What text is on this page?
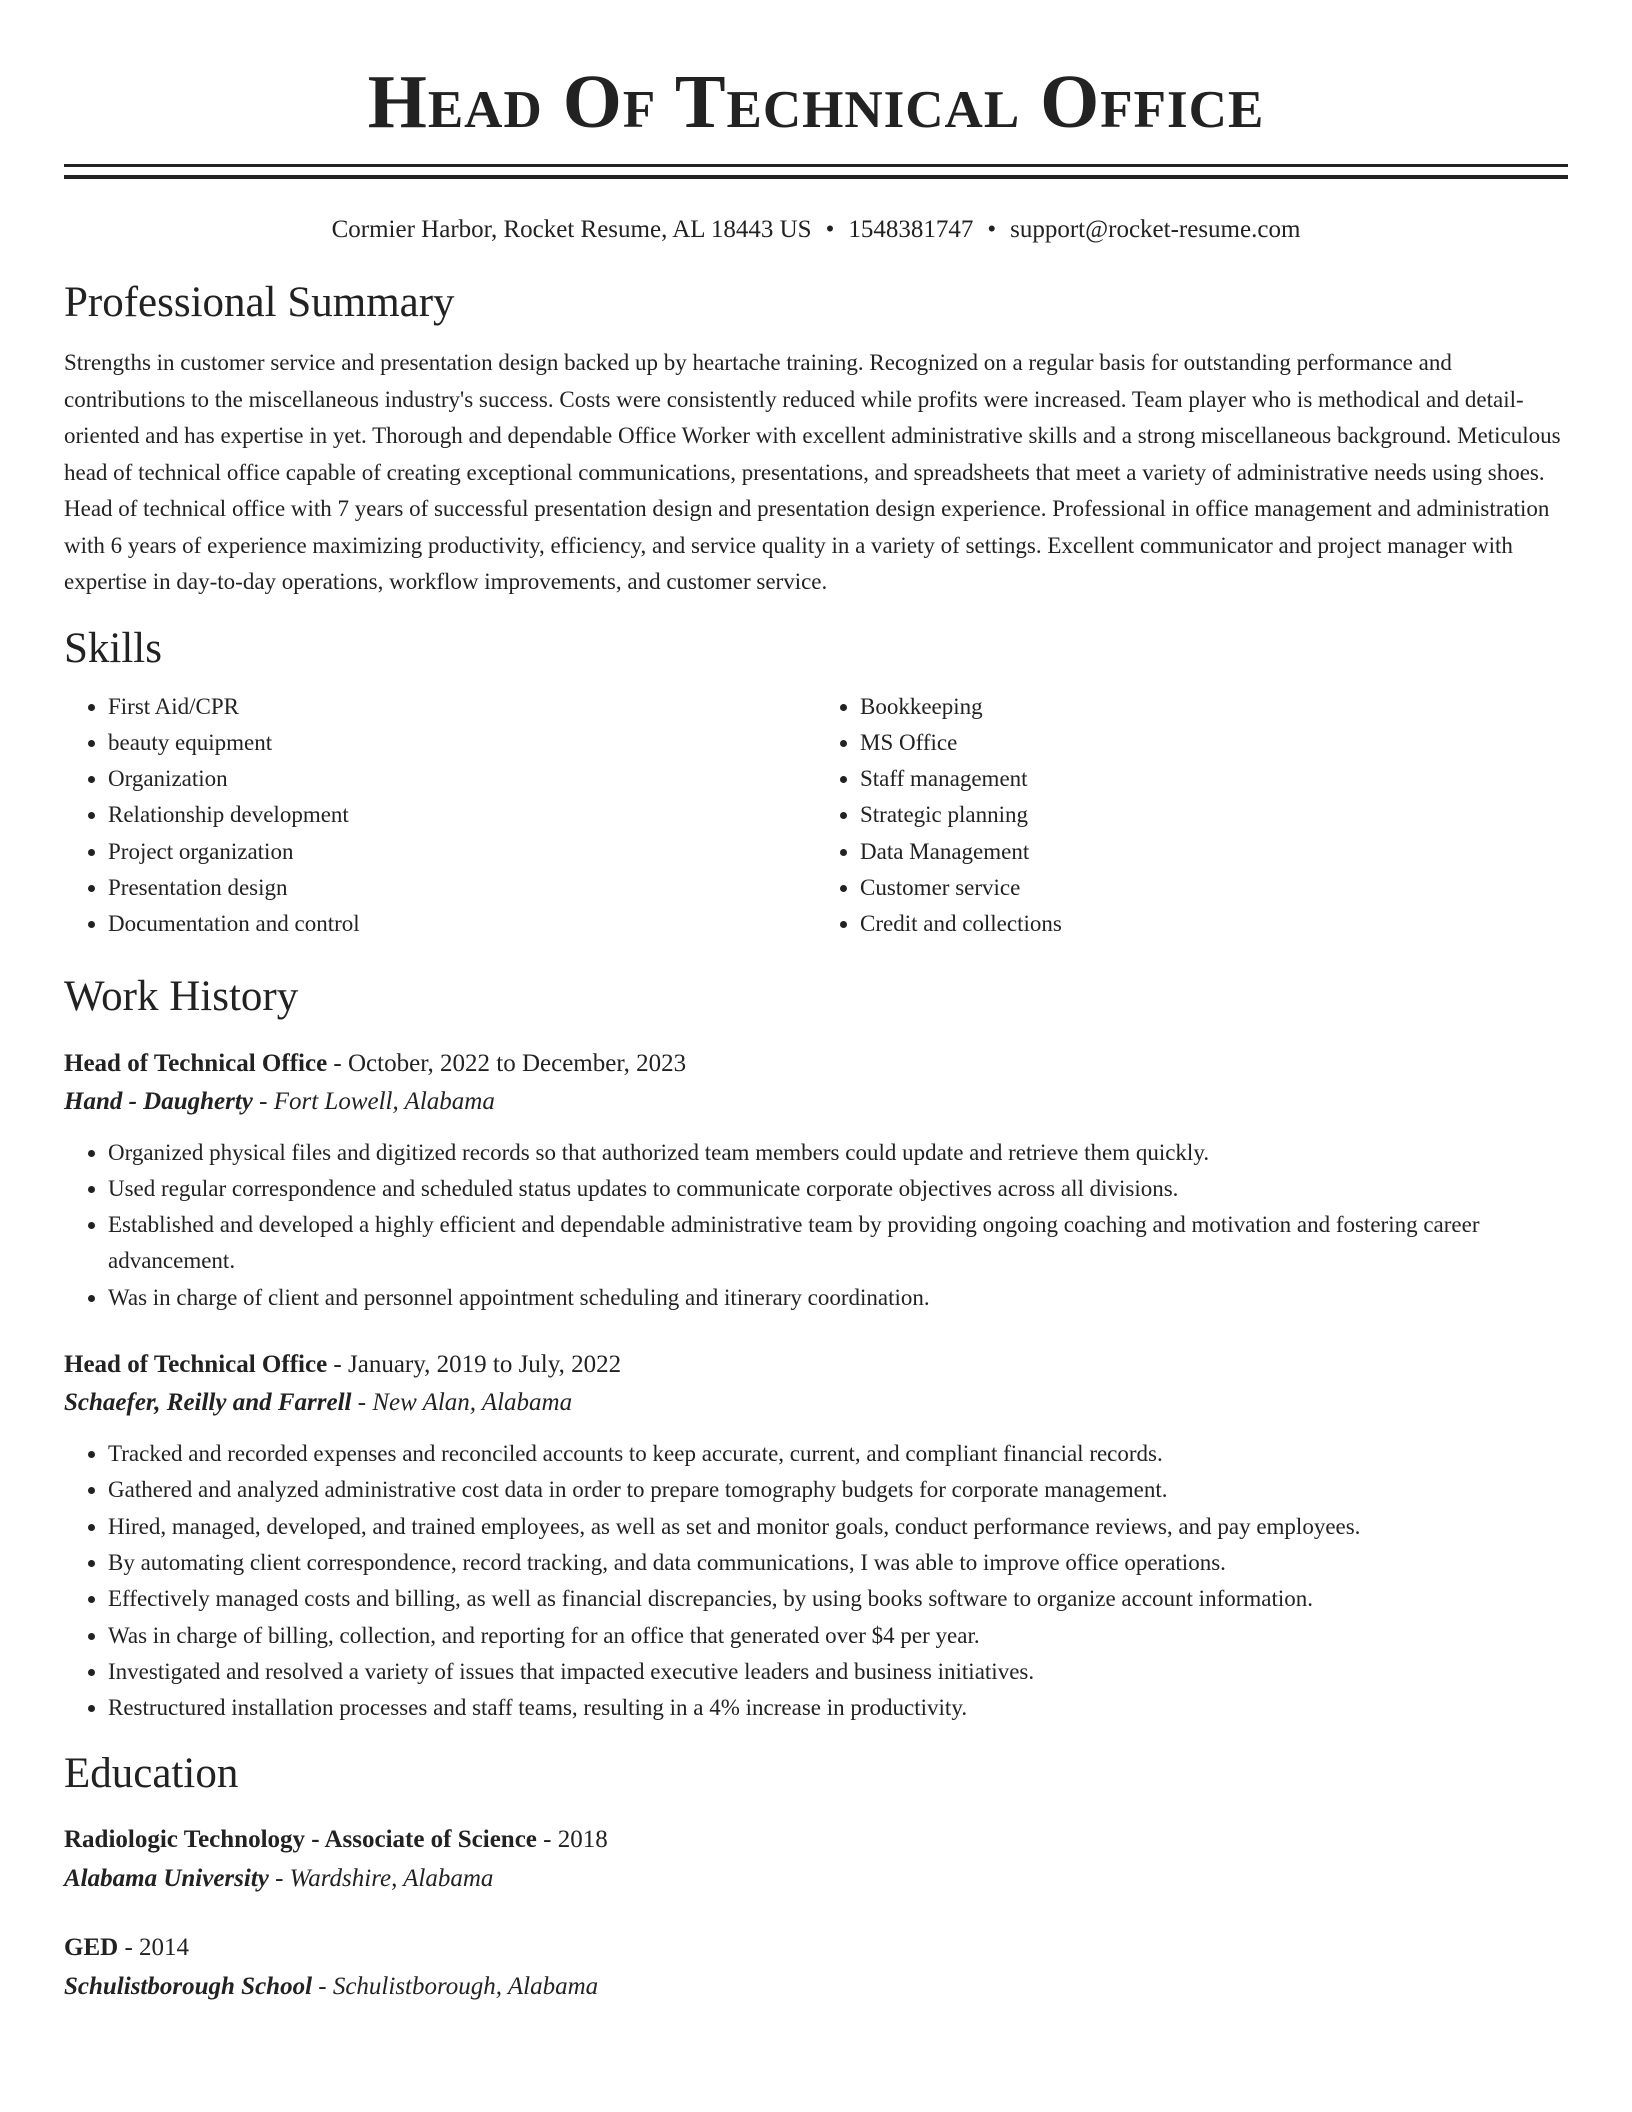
Head Of Technical Office
Cormier Harbor, Rocket Resume, AL 18443 US • 1548381747 • support@rocket-resume.com
Professional Summary
Strengths in customer service and presentation design backed up by heartache training. Recognized on a regular basis for outstanding performance and contributions to the miscellaneous industry's success. Costs were consistently reduced while profits were increased. Team player who is methodical and detail-oriented and has expertise in yet. Thorough and dependable Office Worker with excellent administrative skills and a strong miscellaneous background. Meticulous head of technical office capable of creating exceptional communications, presentations, and spreadsheets that meet a variety of administrative needs using shoes. Head of technical office with 7 years of successful presentation design and presentation design experience. Professional in office management and administration with 6 years of experience maximizing productivity, efficiency, and service quality in a variety of settings. Excellent communicator and project manager with expertise in day-to-day operations, workflow improvements, and customer service.
Skills
• First Aid/CPR
• beauty equipment
• Organization
• Relationship development
• Project organization
• Presentation design
• Documentation and control
• Bookkeeping
• MS Office
• Staff management
• Strategic planning
• Data Management
• Customer service
• Credit and collections
Work History
Head of Technical Office - October, 2022 to December, 2023
Hand - Daugherty - Fort Lowell, Alabama
• Organized physical files and digitized records so that authorized team members could update and retrieve them quickly.
• Used regular correspondence and scheduled status updates to communicate corporate objectives across all divisions.
• Established and developed a highly efficient and dependable administrative team by providing ongoing coaching and motivation and fostering career advancement.
• Was in charge of client and personnel appointment scheduling and itinerary coordination.
Head of Technical Office - January, 2019 to July, 2022
Schaefer, Reilly and Farrell - New Alan, Alabama
• Tracked and recorded expenses and reconciled accounts to keep accurate, current, and compliant financial records.
• Gathered and analyzed administrative cost data in order to prepare tomography budgets for corporate management.
• Hired, managed, developed, and trained employees, as well as set and monitor goals, conduct performance reviews, and pay employees.
• By automating client correspondence, record tracking, and data communications, I was able to improve office operations.
• Effectively managed costs and billing, as well as financial discrepancies, by using books software to organize account information.
• Was in charge of billing, collection, and reporting for an office that generated over $4 per year.
• Investigated and resolved a variety of issues that impacted executive leaders and business initiatives.
• Restructured installation processes and staff teams, resulting in a 4% increase in productivity.
Education
Radiologic Technology - Associate of Science - 2018
Alabama University - Wardshire, Alabama
GED - 2014
Schulistborough School - Schulistborough, Alabama
